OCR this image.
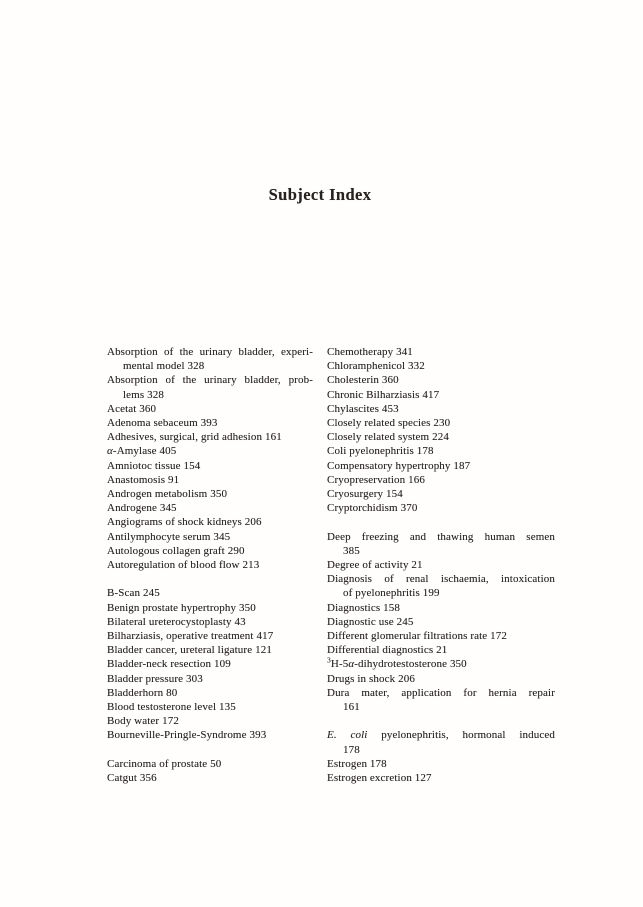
Subject Index
Absorption of the urinary bladder, experi-
mental model 328
Absorption of the urinary bladder, prob-
lems 328
Acetat 360
Adenoma sebaceum 393
Adhesives, surgical, grid adhesion 161
α-Amylase 405
Amniotoc tissue 154
Anastomosis 91
Androgen metabolism 350
Androgene 345
Angiograms of shock kidneys 206
Antilymphocyte serum 345
Autologous collagen graft 290
Autoregulation of blood flow 213
B-Scan 245
Benign prostate hypertrophy 350
Bilateral ureterocystoplasty 43
Bilharziasis, operative treatment 417
Bladder cancer, ureteral ligature 121
Bladder-neck resection 109
Bladder pressure 303
Bladderhorn 80
Blood testosterone level 135
Body water 172
Bourneville-Pringle-Syndrome 393
Carcinoma of prostate 50
Catgut 356
Chemotherapy 341
Chloramphenicol 332
Cholesterin 360
Chronic Bilharziasis 417
Chylascites 453
Closely related species 230
Closely related system 224
Coli pyelonephritis 178
Compensatory hypertrophy 187
Cryopreservation 166
Cryosurgery 154
Cryptorchidism 370
Deep freezing and thawing human semen
385
Degree of activity 21
Diagnosis of renal ischaemia, intoxication
of pyelonephritis 199
Diagnostics 158
Diagnostic use 245
Different glomerular filtrations rate 172
Differential diagnostics 21
$^3$H-5α-dihydrotestosterone 350
Drugs in shock 206
Dura mater, application for hernia repair
161
E. coli pyelonephritis, hormonal induced
178
Estrogen 178
Estrogen excretion 127
